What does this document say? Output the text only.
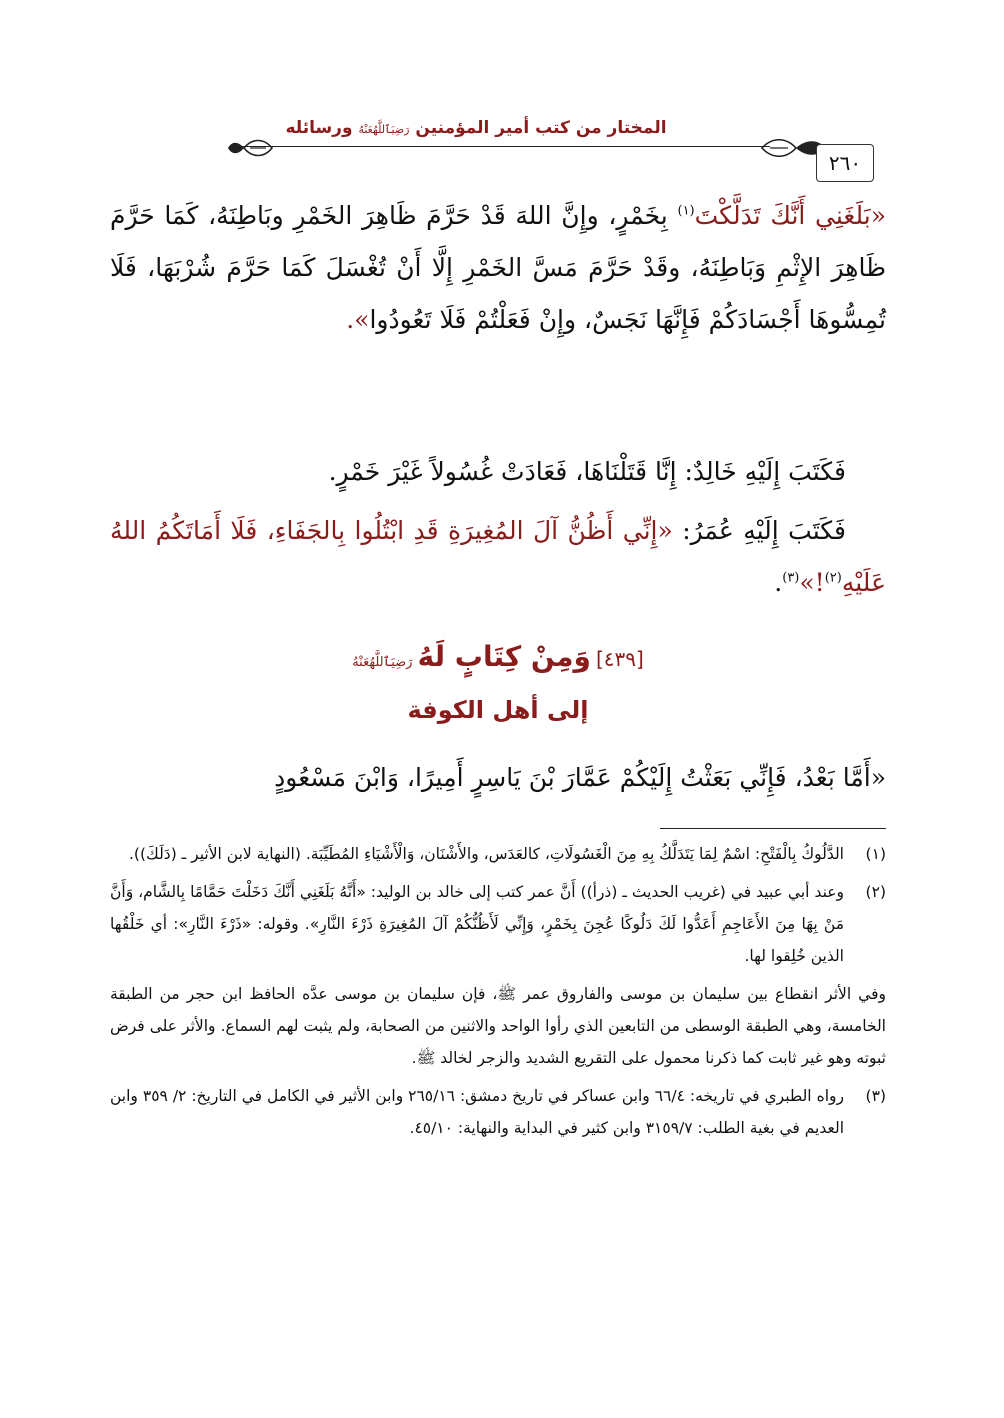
المختار من كتب أمير المؤمنين رَضِيَٱللَّهُعَنْهُ ورسائله
٢٦٠

«بَلَغَنِي أَنَّكَ تَدَلَّكْتَ$^{(١)}$ بِخَمْرٍ، وإِنَّ اللهَ قَدْ حَرَّمَ ظَاهِرَ الخَمْرِ وبَاطِنَهُ، كَمَا حَرَّمَ ظَاهِرَ الإِثْمِ وَبَاطِنَهُ، وقَدْ حَرَّمَ مَسَّ الخَمْرِ إِلَّا أَنْ تُغْسَلَ كَمَا حَرَّمَ شُرْبَهَا، فَلَا تُمِسُّوهَا أَجْسَادَكُمْ فَإِنَّهَا نَجَسٌ، وإِنْ فَعَلْتُمْ فَلَا تَعُودُوا».

فَكَتَبَ إِلَيْهِ خَالِدٌ: إِنَّا قَتَلْنَاهَا، فَعَادَتْ غُسُولاً غَيْرَ خَمْرٍ.

فَكَتَبَ إِلَيْهِ عُمَرُ: «إِنِّي أَظُنُّ آلَ المُغِيرَةِ قَدِ ابْتُلُوا بِالجَفَاءِ، فَلَا أَمَاتَكُمُ اللهُ عَلَيْهِ$^{(٢)}$!»$^{(٣)}$.

[٤٣٩] وَمِنْ كِتَابٍ لَهُ رَضِيَٱللَّهُعَنْهُ
إلى أهل الكوفة

«أَمَّا بَعْدُ، فَإِنِّي بَعَثْتُ إِلَيْكُمْ عَمَّارَ بْنَ يَاسِرٍ أَمِيرًا، وَابْنَ مَسْعُودٍ

(١)
الدَّلُوكُ بِالْفَتْحِ: اسْمٌ لِمَا يَتَدَلَّكُ بِهِ مِنَ الْغَسُولَاتِ، كالعَدَس، والأَشْنَان، وَالْأَشْيَاءِ المُطَيِّبَة. (النهاية لابن الأثير ـ (دَلَكَ)).
(٢)
وعند أبي عبيد في (غريب الحديث ـ (ذرأ)) أَنَّ عمر كتب إلى خالد بن الوليد: «أَنَّهُ بَلَغَنِي أَنَّكَ دَخَلْتَ حَمَّامًا بِالشَّام، وَأَنَّ مَنْ بِهَا مِنَ الأَعَاجِمِ أَعَدُّوا لَكَ دَلُوكًا عُجِنَ بِخَمْرٍ، وَإِنِّي لَأَظُنُّكُمْ آلَ المُغِيرَةِ ذَرْءَ النَّارِ». وقوله: «ذَرْءَ النَّارِ»: أي خَلْقُها الذين خُلِقوا لها.
وفي الأثر انقطاع بين سليمان بن موسى والفاروق عمر ﷺ، فإن سليمان بن موسى عدَّه الحافظ ابن حجر من الطبقة الخامسة، وهي الطبقة الوسطى من التابعين الذي رأوا الواحد والاثنين من الصحابة، ولم يثبت لهم السماع. والأثر على فرض ثبوته وهو غير ثابت كما ذكرنا محمول على التقريع الشديد والزجر لخالد ﷺ.
(٣)
رواه الطبري في تاريخه: ٦٦/٤ وابن عساكر في تاريخ دمشق: ٢٦٥/١٦ وابن الأثير في الكامل في التاريخ: ٢/ ٣٥٩ وابن العديم في بغية الطلب: ٣١٥٩/٧ وابن كثير في البداية والنهاية: ٤٥/١٠.
